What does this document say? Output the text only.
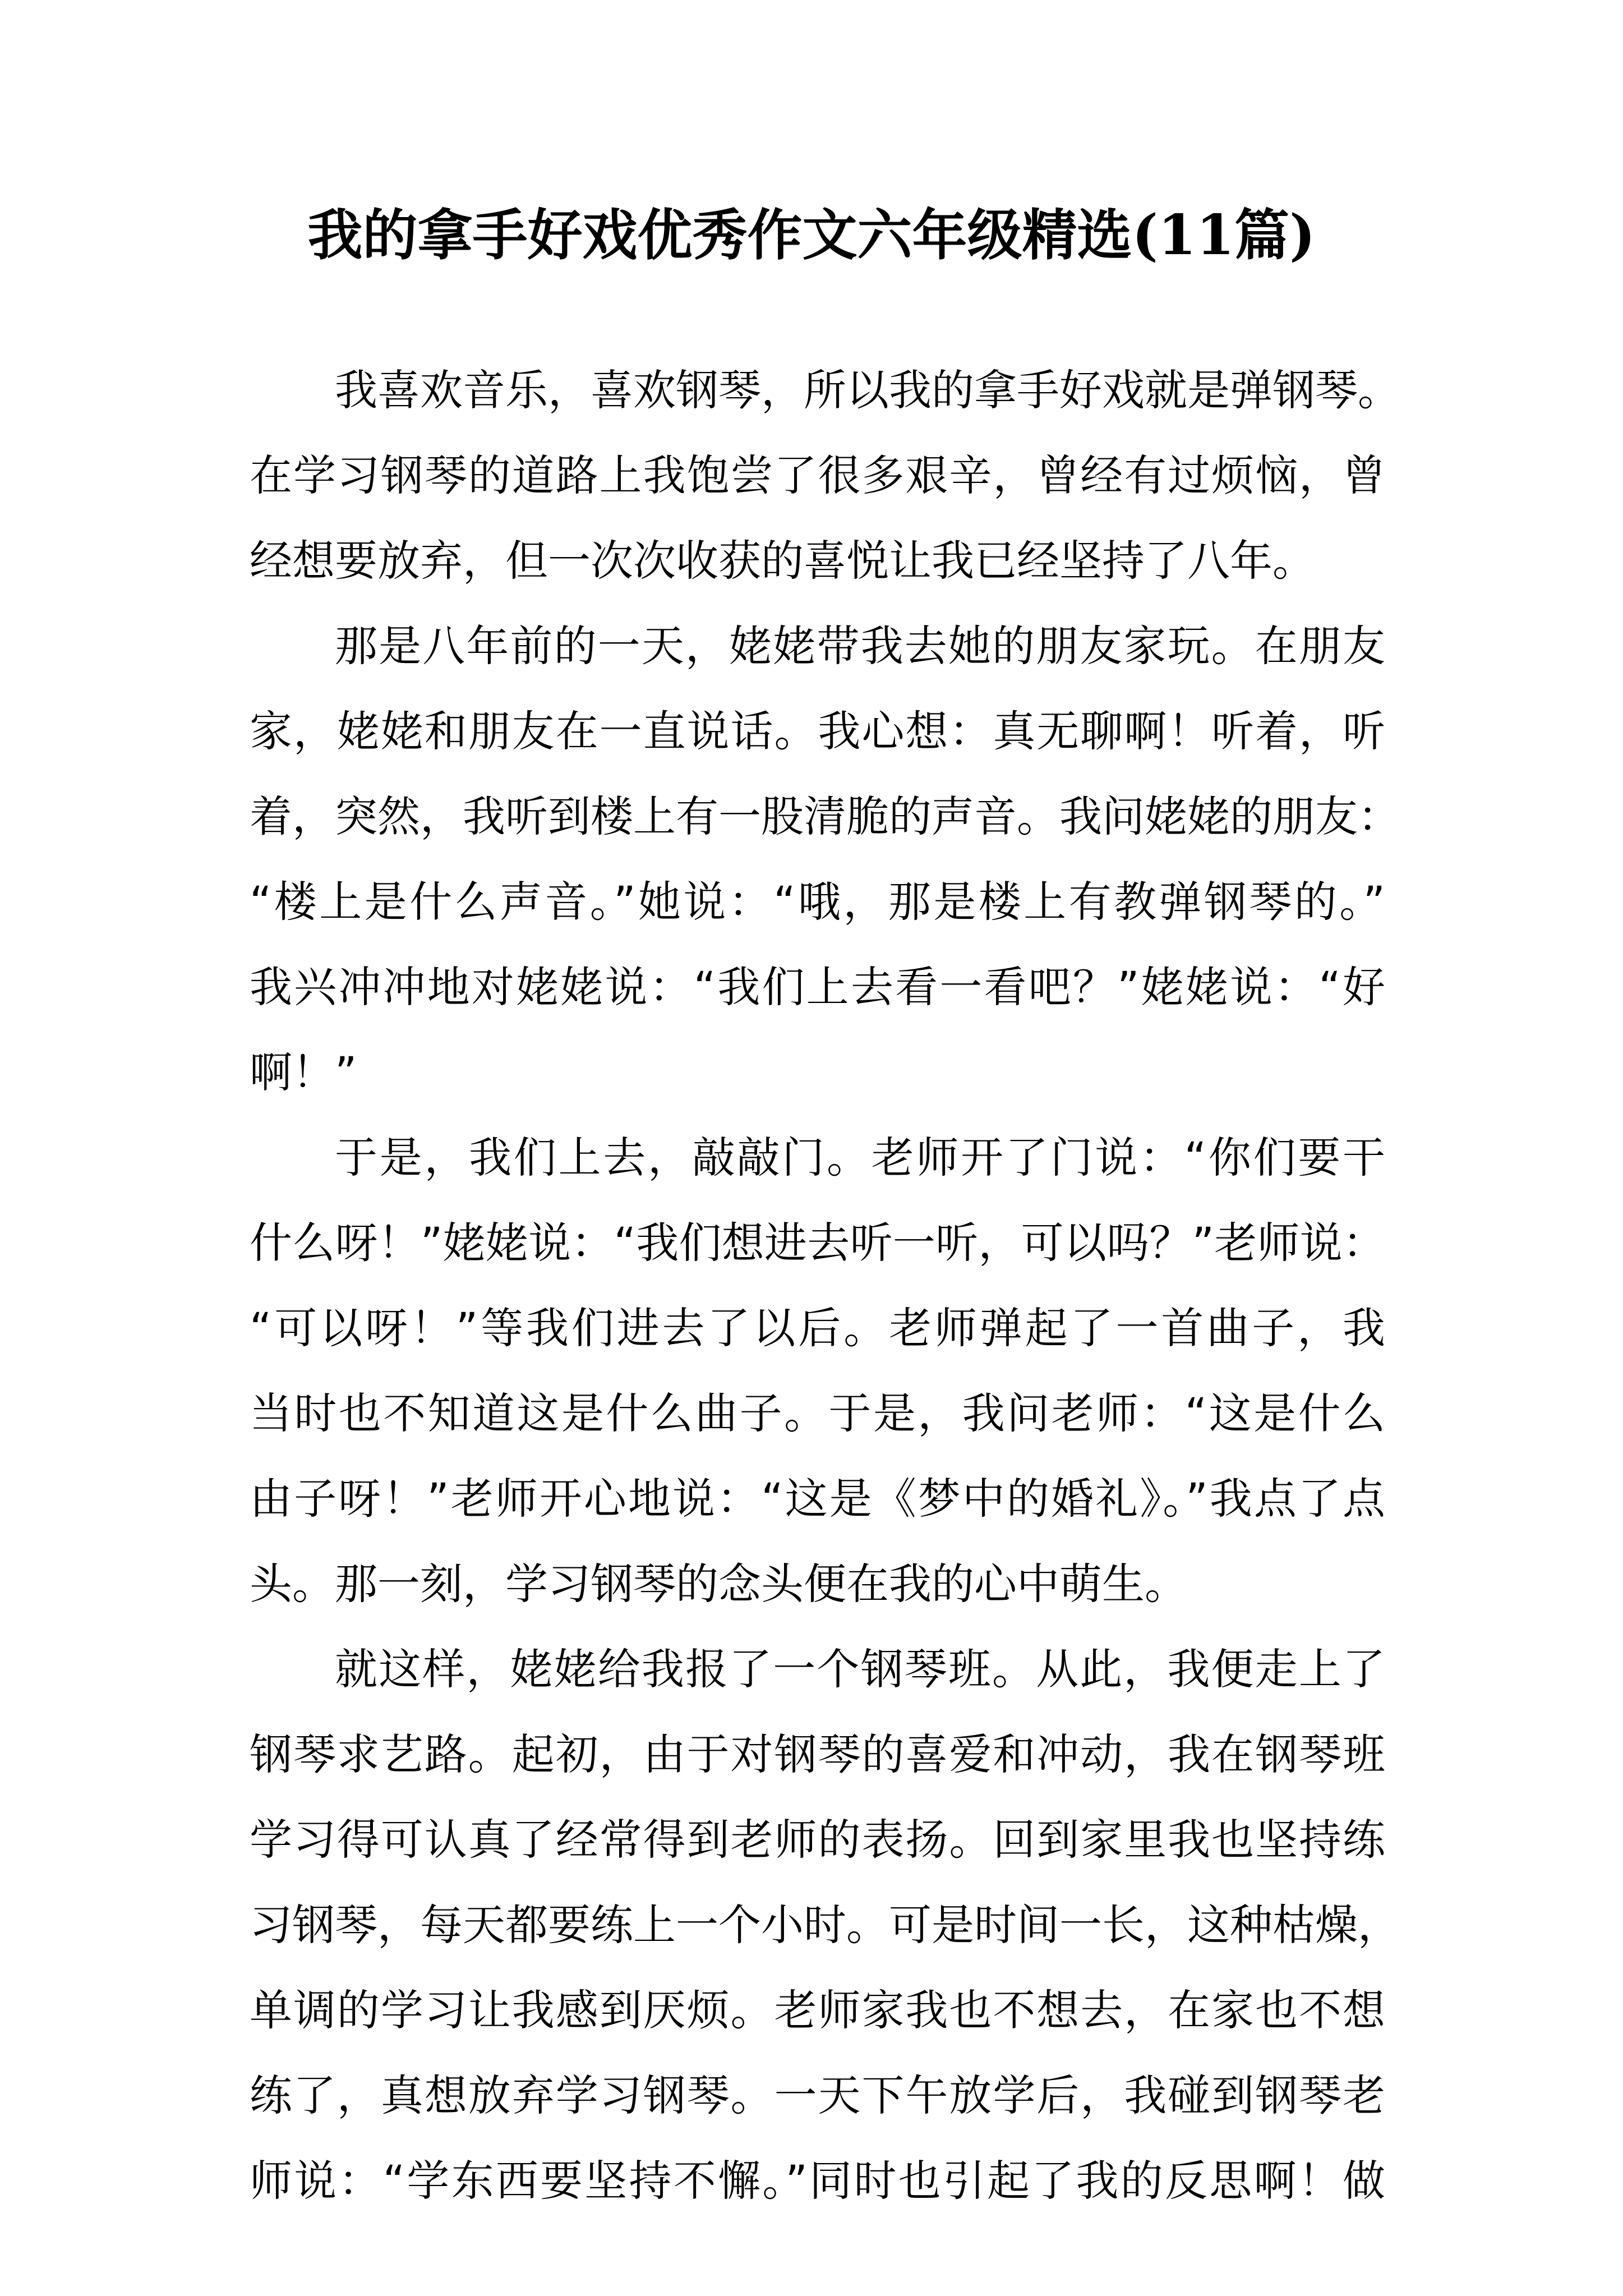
我的拿手好戏优秀作文六年级精选(11篇)
我喜欢音乐，喜欢钢琴，所以我的拿手好戏就是弹钢琴。
在学习钢琴的道路上我饱尝了很多艰辛，曾经有过烦恼，曾
经想要放弃，但一次次收获的喜悦让我已经坚持了八年。
那是八年前的一天，姥姥带我去她的朋友家玩。在朋友
家，姥姥和朋友在一直说话。我心想：真无聊啊！听着，听
着，突然，我听到楼上有一股清脆的声音。我问姥姥的朋友：
“楼上是什么声音。”她说：“哦，那是楼上有教弹钢琴的。”
我兴冲冲地对姥姥说：“我们上去看一看吧？”姥姥说：“好
啊！”
于是，我们上去，敲敲门。老师开了门说：“你们要干
什么呀！”姥姥说：“我们想进去听一听，可以吗？”老师说：
“可以呀！”等我们进去了以后。老师弹起了一首曲子，我
当时也不知道这是什么曲子。于是，我问老师：“这是什么
由子呀！”老师开心地说：“这是《梦中的婚礼》。”我点了点
头。那一刻，学习钢琴的念头便在我的心中萌生。
就这样，姥姥给我报了一个钢琴班。从此，我便走上了
钢琴求艺路。起初，由于对钢琴的喜爱和冲动，我在钢琴班
学习得可认真了经常得到老师的表扬。回到家里我也坚持练
习钢琴，每天都要练上一个小时。可是时间一长，这种枯燥，
单调的学习让我感到厌烦。老师家我也不想去，在家也不想
练了，真想放弃学习钢琴。一天下午放学后，我碰到钢琴老
师说：“学东西要坚持不懈。”同时也引起了我的反思啊！做
